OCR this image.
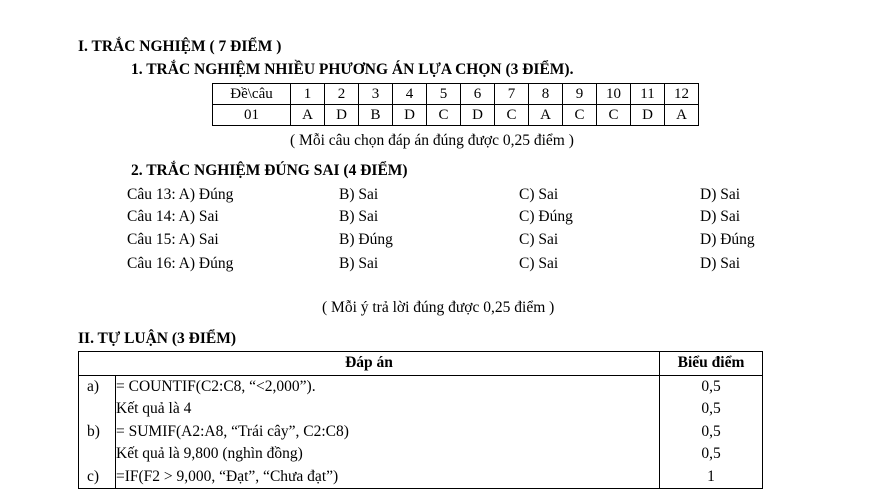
I. TRẮC NGHIỆM ( 7 ĐIỂM )
1. TRẮC NGHIỆM NHIỀU PHƯƠNG ÁN LỰA CHỌN (3 ĐIỂM).
Đề\câu	1	2	3	4	5	6	7	8	9	10	11	12
01	A	D	B	D	C	D	C	A	C	C	D	A
( Mỗi câu chọn đáp án đúng được 0,25 điểm )
2. TRẮC NGHIỆM ĐÚNG SAI (4 ĐIỂM)
Câu 13: A) Đúng	B) Sai	C) Sai	D) Sai
Câu 14: A) Sai	B) Sai	C) Đúng	D) Sai
Câu 15: A) Sai	B) Đúng	C) Sai	D) Đúng
Câu 16: A) Đúng	B) Sai	C) Sai	D) Sai
( Mỗi ý trả lời đúng được 0,25 điểm )
II. TỰ LUẬN (3 ĐIỂM)
Đáp án		Biểu điểm
a)	= COUNTIF(C2:C8, “<2,000”).	0,5
	Kết quả là 4	0,5
b)	= SUMIF(A2:A8, “Trái cây”, C2:C8)	0,5
	Kết quả là 9,800 (nghìn đồng)	0,5
c)	=IF(F2 > 9,000, “Đạt”, “Chưa đạt”)	1
